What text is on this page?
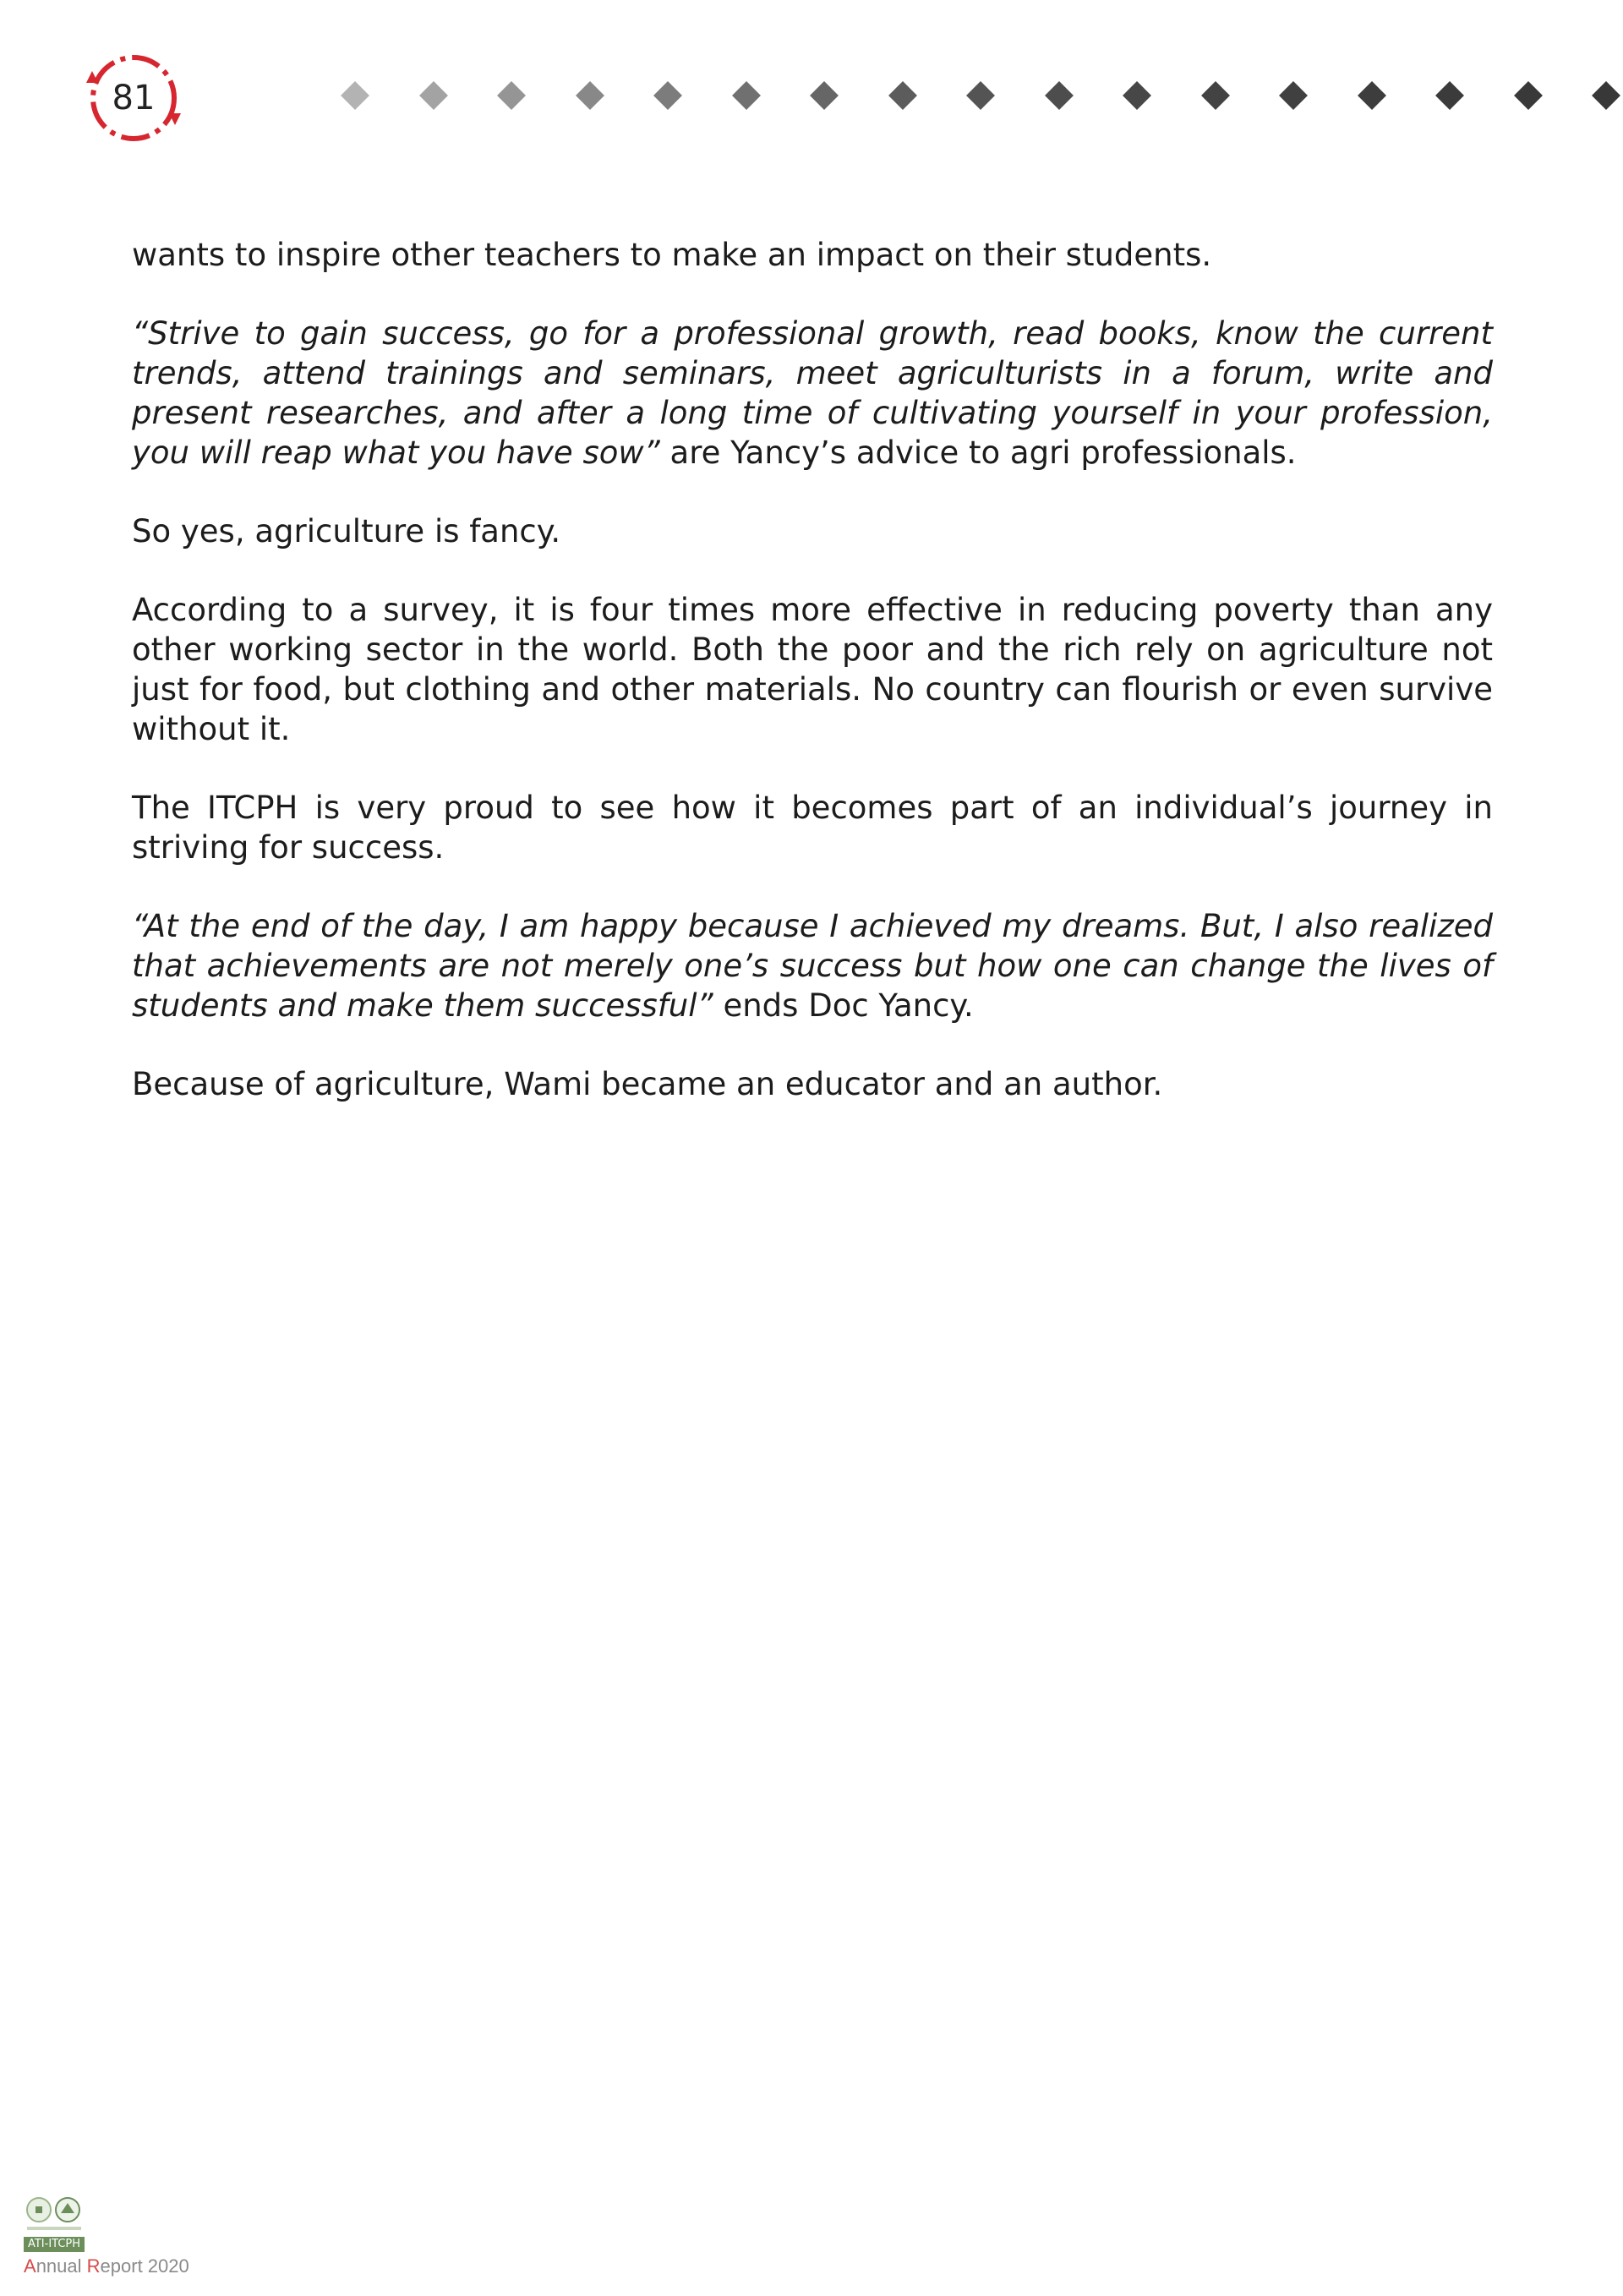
81

wants to inspire other teachers to make an impact on their students.

“Strive to gain success, go for a professional growth, read books, know the current trends, attend trainings and seminars, meet agriculturists in a forum, write and present researches, and after a long time of cultivating yourself in your profession, you will reap what you have sow” are Yancy’s advice to agri professionals.

So yes, agriculture is fancy.

According to a survey, it is four times more effective in reducing poverty than any other working sector in the world. Both the poor and the rich rely on agriculture not just for food, but clothing and other materials. No country can flourish or even survive without it.

The ITCPH is very proud to see how it becomes part of an individual’s journey in striving for success.

“At the end of the day, I am happy because I achieved my dreams. But, I also realized that achievements are not merely one’s success but how one can change the lives of students and make them successful” ends Doc Yancy.

Because of agriculture, Wami became an educator and an author.

ATI-ITCPH
Annual Report 2020
